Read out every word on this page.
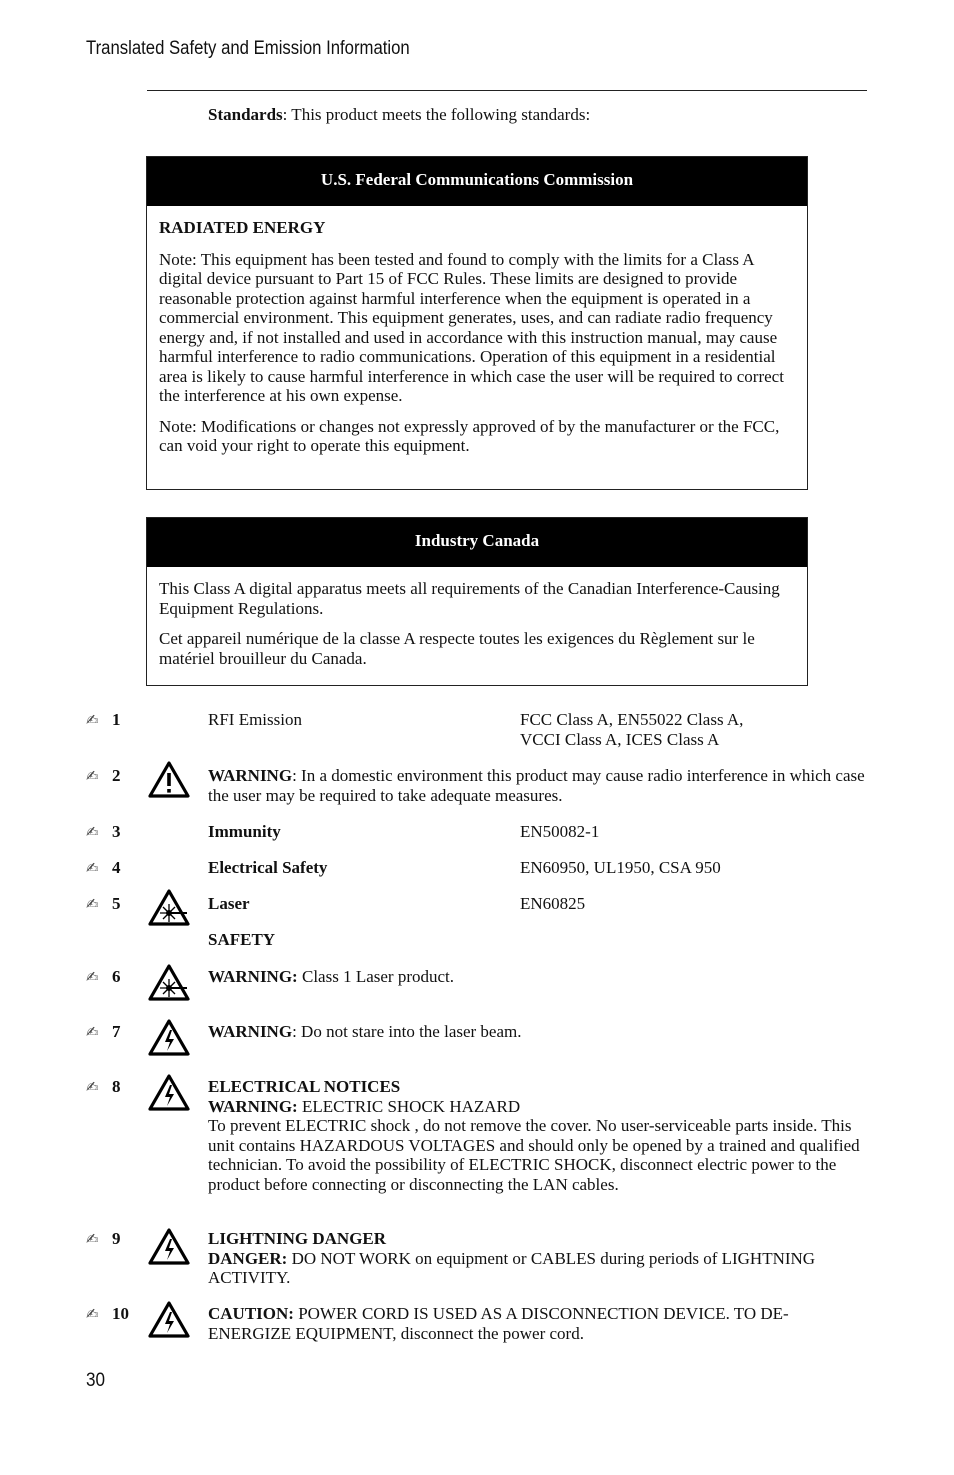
Translated Safety and Emission Information
Standards: This product meets the following standards:
U.S. Federal Communications Commission

RADIATED ENERGY

Note: This equipment has been tested and found to comply with the limits for a Class A digital device pursuant to Part 15 of FCC Rules. These limits are designed to provide reasonable protection against harmful interference when the equipment is operated in a commercial environment. This equipment generates, uses, and can radiate radio frequency energy and, if not installed and used in accordance with this instruction manual, may cause harmful interference to radio communications. Operation of this equipment in a residential area is likely to cause harmful interference in which case the user will be required to correct the interference at his own expense.

Note: Modifications or changes not expressly approved of by the manufacturer or the FCC, can void your right to operate this equipment.

Industry Canada

This Class A digital apparatus meets all requirements of the Canadian Interference-Causing Equipment Regulations.

Cet appareil numérique de la classe A respecte toutes les exigences du Règlement sur le matériel brouilleur du Canada.

✍ 1	RFI Emission	FCC Class A, EN55022 Class A, VCCI Class A, ICES Class A
✍ 2	WARNING: In a domestic environment this product may cause radio interference in which case the user may be required to take adequate measures.
✍ 3	Immunity	EN50082-1
✍ 4	Electrical Safety	EN60950, UL1950, CSA 950
✍ 5	Laser	EN60825
SAFETY
✍ 6	WARNING: Class 1 Laser product.
✍ 7	WARNING: Do not stare into the laser beam.
✍ 8	ELECTRICAL NOTICES
WARNING: ELECTRIC SHOCK HAZARD
To prevent ELECTRIC shock , do not remove the cover. No user-serviceable parts inside. This unit contains HAZARDOUS VOLTAGES and should only be opened by a trained and qualified technician. To avoid the possibility of ELECTRIC SHOCK, disconnect electric power to the product before connecting or disconnecting the LAN cables.
✍ 9	LIGHTNING DANGER
DANGER: DO NOT WORK on equipment or CABLES during periods of LIGHTNING ACTIVITY.
✍ 10	CAUTION: POWER CORD IS USED AS A DISCONNECTION DEVICE. TO DE-ENERGIZE EQUIPMENT, disconnect the power cord.
30
